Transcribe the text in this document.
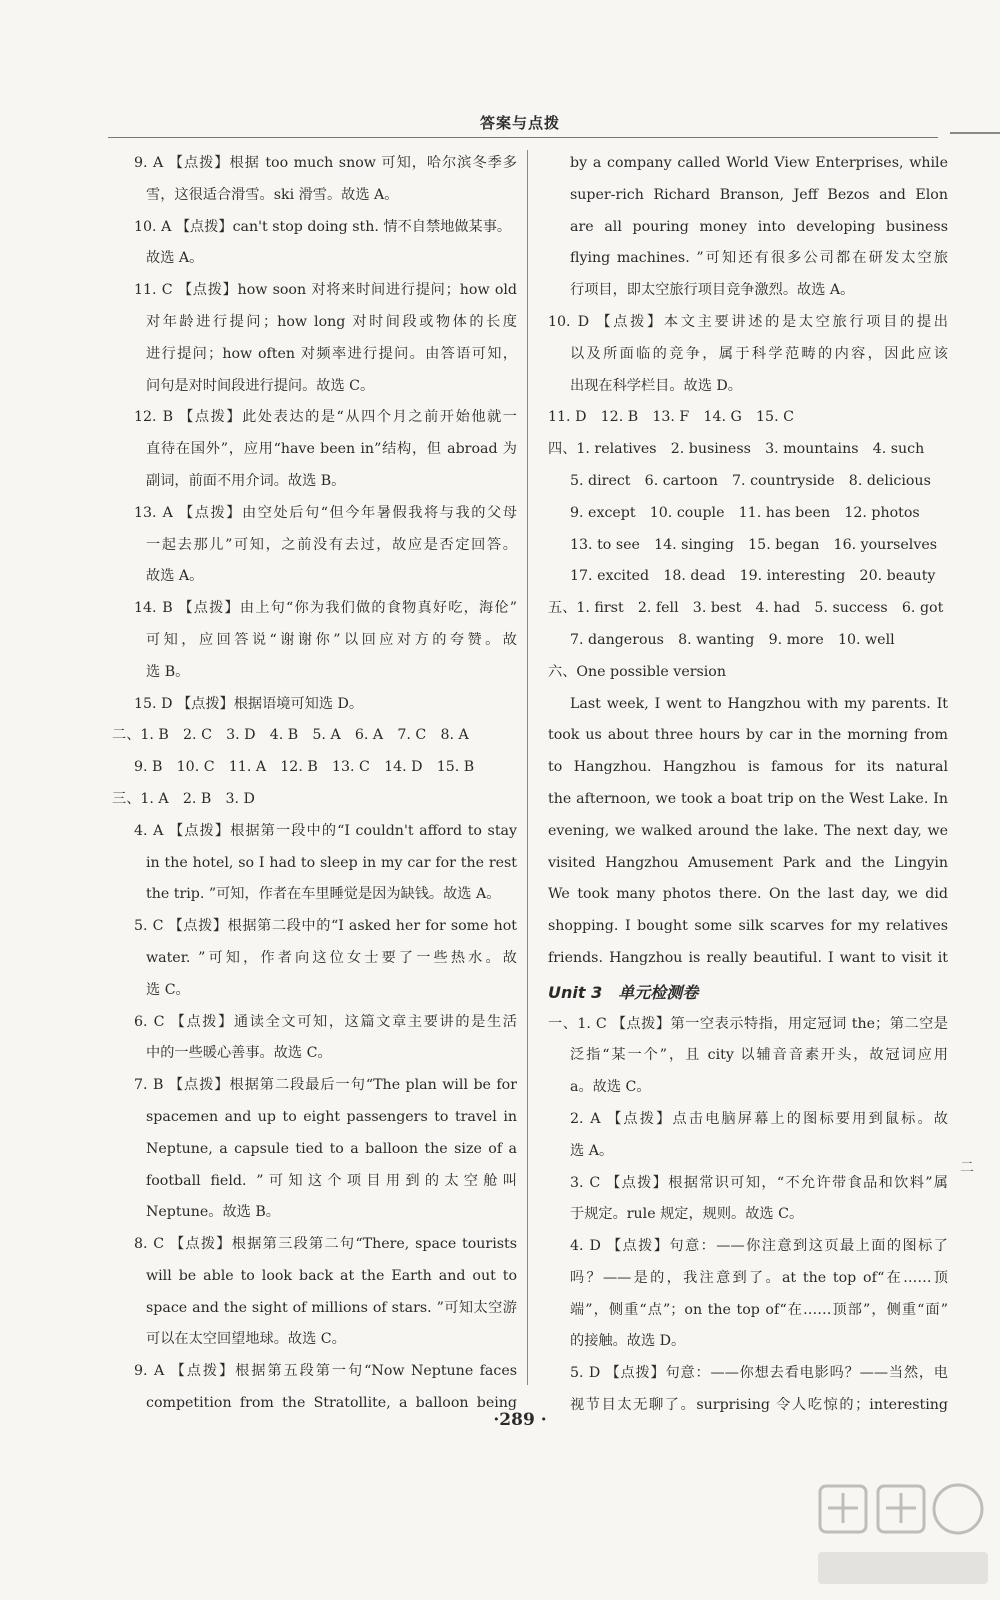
答案与点拨
9. A 【点拨】根据 too much snow 可知，哈尔滨冬季多
雪，这很适合滑雪。ski 滑雪。故选 A。
10. A 【点拨】can't stop doing sth. 情不自禁地做某事。
故选 A。
11. C 【点拨】how soon 对将来时间进行提问；how old
对年龄进行提问；how long 对时间段或物体的长度
进行提问；how often 对频率进行提问。由答语可知，
问句是对时间段进行提问。故选 C。
12. B 【点拨】此处表达的是“从四个月之前开始他就一
直待在国外”，应用“have been in”结构，但 abroad 为
副词，前面不用介词。故选 B。
13. A 【点拨】由空处后句“但今年暑假我将与我的父母
一起去那儿”可知，之前没有去过，故应是否定回答。
故选 A。
14. B 【点拨】由上句“你为我们做的食物真好吃，海伦”
可知，应回答说“谢谢你”以回应对方的夸赞。故
选 B。
15. D 【点拨】根据语境可知选 D。
二、1. B　2. C　3. D　4. B　5. A　6. A　7. C　8. A
9. B　10. C　11. A　12. B　13. C　14. D　15. B
三、1. A　2. B　3. D
4. A 【点拨】根据第一段中的“I couldn't afford to stay
in the hotel, so I had to sleep in my car for the rest
the trip. ”可知，作者在车里睡觉是因为缺钱。故选 A。
5. C 【点拨】根据第二段中的“I asked her for some hot
water. ”可知，作者向这位女士要了一些热水。故
选 C。
6. C 【点拨】通读全文可知，这篇文章主要讲的是生活
中的一些暖心善事。故选 C。
7. B 【点拨】根据第二段最后一句“The plan will be for
spacemen and up to eight passengers to travel in
Neptune, a capsule tied to a balloon the size of a
football field. ”可知这个项目用到的太空舱叫
Neptune。故选 B。
8. C 【点拨】根据第三段第二句“There, space tourists
will be able to look back at the Earth and out to
space and the sight of millions of stars. ”可知太空游
可以在太空回望地球。故选 C。
9. A 【点拨】根据第五段第一句“Now Neptune faces
competition from the Stratollite, a balloon being
by a company called World View Enterprises, while
super-rich Richard Branson, Jeff Bezos and Elon
are all pouring money into developing business
flying machines. ”可知还有很多公司都在研发太空旅
行项目，即太空旅行项目竞争激烈。故选 A。
10. D 【点拨】本文主要讲述的是太空旅行项目的提出
以及所面临的竞争，属于科学范畴的内容，因此应该
出现在科学栏目。故选 D。
11. D　12. B　13. F　14. G　15. C
四、1. relatives　2. business　3. mountains　4. such
5. direct　6. cartoon　7. countryside　8. delicious
9. except　10. couple　11. has been　12. photos
13. to see　14. singing　15. began　16. yourselves
17. excited　18. dead　19. interesting　20. beauty
五、1. first　2. fell　3. best　4. had　5. success　6. got
7. dangerous　8. wanting　9. more　10. well
六、One possible version
Last week, I went to Hangzhou with my parents. It
took us about three hours by car in the morning from
to Hangzhou. Hangzhou is famous for its natural
the afternoon, we took a boat trip on the West Lake. In
evening, we walked around the lake. The next day, we
visited Hangzhou Amusement Park and the Lingyin
We took many photos there. On the last day, we did
shopping. I bought some silk scarves for my relatives
friends. Hangzhou is really beautiful. I want to visit it
Unit 3　单元检测卷
一、1. C 【点拨】第一空表示特指，用定冠词 the；第二空是
泛指“某一个”，且 city 以辅音音素开头，故冠词应用
a。故选 C。
2. A 【点拨】点击电脑屏幕上的图标要用到鼠标。故
选 A。
3. C 【点拨】根据常识可知，“不允许带食品和饮料”属
于规定。rule 规定，规则。故选 C。
4. D 【点拨】句意：——你注意到这页最上面的图标了
吗？——是的，我注意到了。at the top of“在……顶
端”，侧重“点”；on the top of“在……顶部”，侧重“面”
的接触。故选 D。
5. D 【点拨】句意：——你想去看电影吗？——当然，电
视节目太无聊了。surprising 令人吃惊的；interesting
二
·289 ·
